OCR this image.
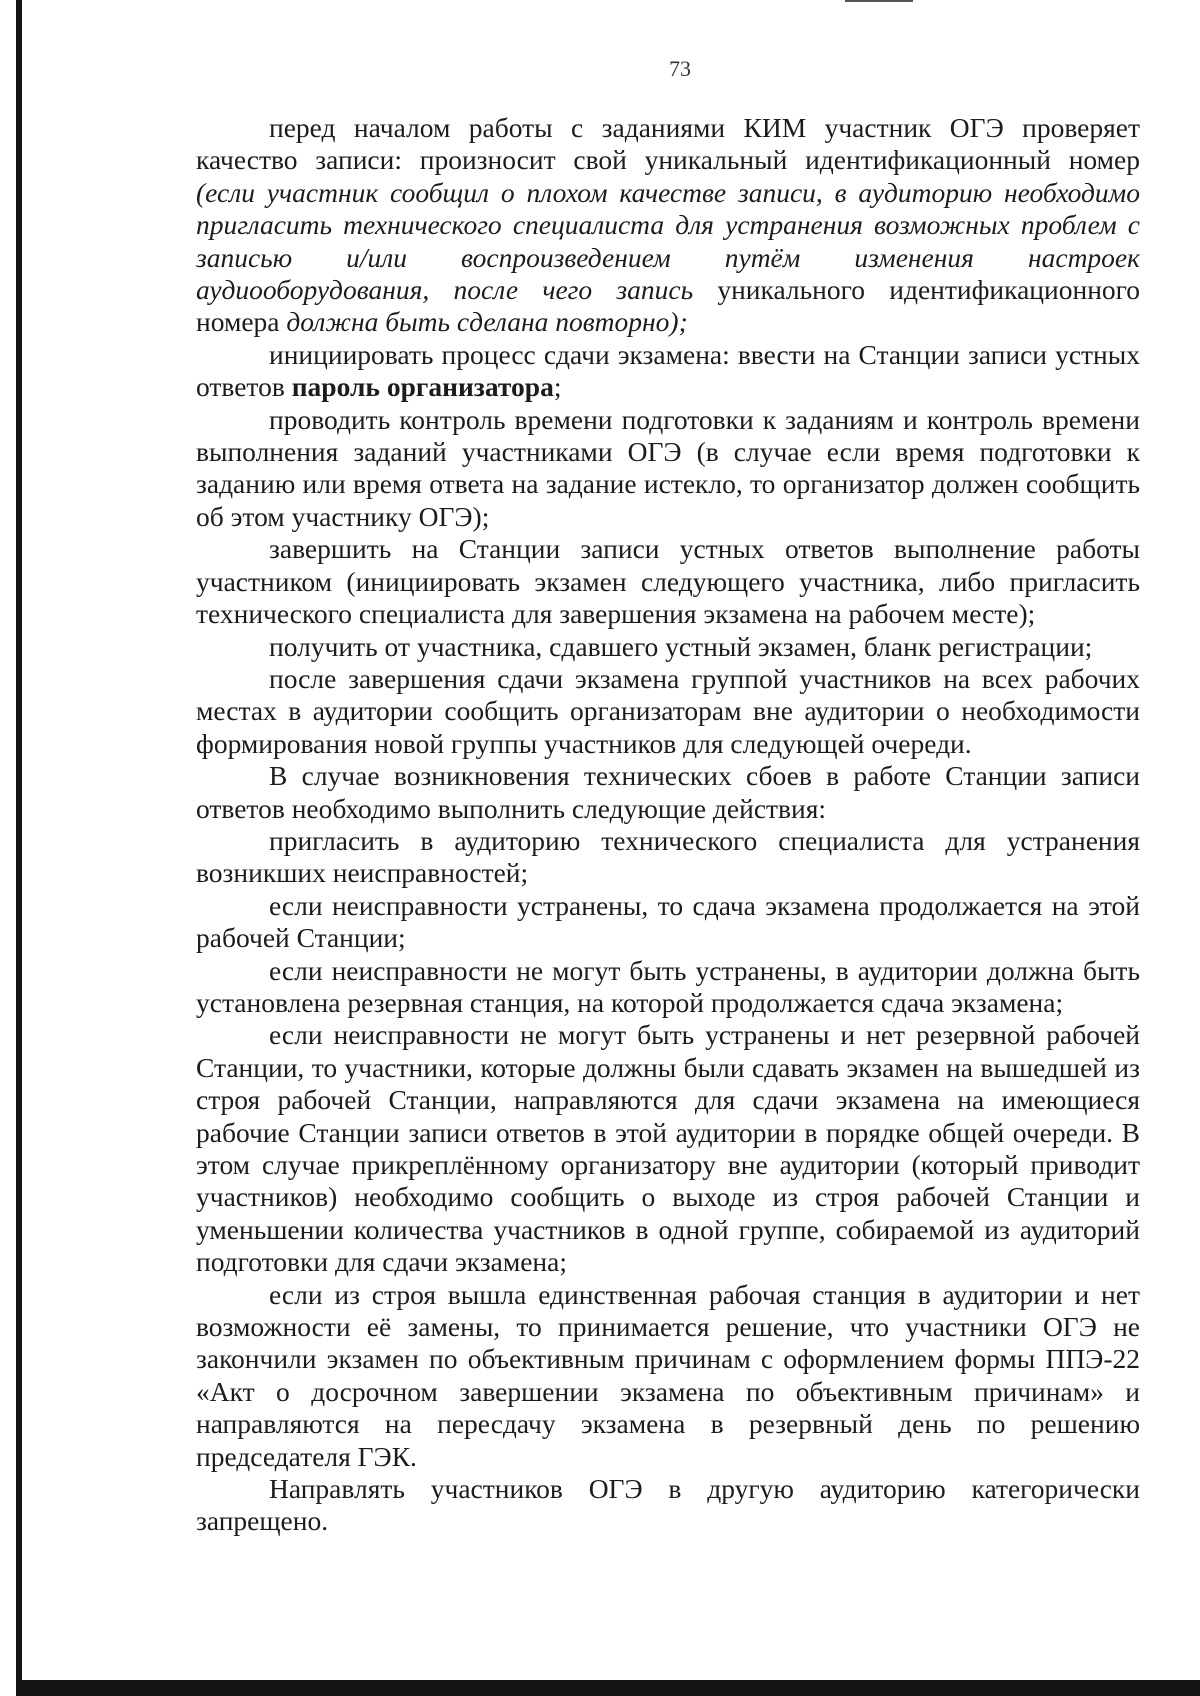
73

перед началом работы с заданиями КИМ участник ОГЭ проверяет качество записи: произносит свой уникальный идентификационный номер (если участник сообщил о плохом качестве записи, в аудиторию необходимо пригласить технического специалиста для устранения возможных проблем с записью и/или воспроизведением путём изменения настроек аудиооборудования, после чего запись уникального идентификационного номера должна быть сделана повторно);

инициировать процесс сдачи экзамена: ввести на Станции записи устных ответов пароль организатора;

проводить контроль времени подготовки к заданиям и контроль времени выполнения заданий участниками ОГЭ (в случае если время подготовки к заданию или время ответа на задание истекло, то организатор должен сообщить об этом участнику ОГЭ);

завершить на Станции записи устных ответов выполнение работы участником (инициировать экзамен следующего участника, либо пригласить технического специалиста для завершения экзамена на рабочем месте);

получить от участника, сдавшего устный экзамен, бланк регистрации;

после завершения сдачи экзамена группой участников на всех рабочих местах в аудитории сообщить организаторам вне аудитории о необходимости формирования новой группы участников для следующей очереди.

В случае возникновения технических сбоев в работе Станции записи ответов необходимо выполнить следующие действия:

пригласить в аудиторию технического специалиста для устранения возникших неисправностей;

если неисправности устранены, то сдача экзамена продолжается на этой рабочей Станции;

если неисправности не могут быть устранены, в аудитории должна быть установлена резервная станция, на которой продолжается сдача экзамена;

если неисправности не могут быть устранены и нет резервной рабочей Станции, то участники, которые должны были сдавать экзамен на вышедшей из строя рабочей Станции, направляются для сдачи экзамена на имеющиеся рабочие Станции записи ответов в этой аудитории в порядке общей очереди. В этом случае прикреплённому организатору вне аудитории (который приводит участников) необходимо сообщить о выходе из строя рабочей Станции и уменьшении количества участников в одной группе, собираемой из аудиторий подготовки для сдачи экзамена;

если из строя вышла единственная рабочая станция в аудитории и нет возможности её замены, то принимается решение, что участники ОГЭ не закончили экзамен по объективным причинам с оформлением формы ППЭ-22 «Акт о досрочном завершении экзамена по объективным причинам» и направляются на пересдачу экзамена в резервный день по решению председателя ГЭК.

Направлять участников ОГЭ в другую аудиторию категорически запрещено.
